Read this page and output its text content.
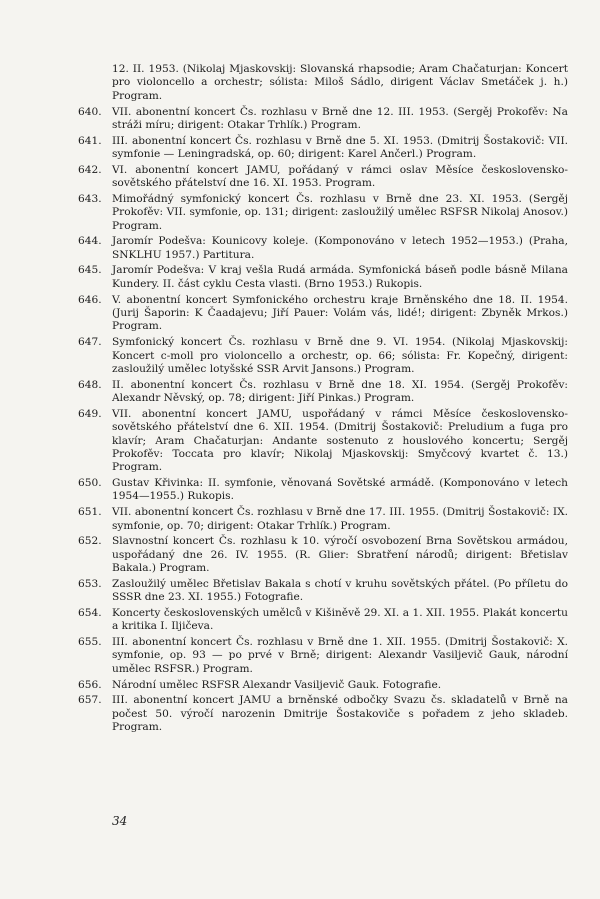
12. II. 1953. (Nikolaj Mjaskovskij: Slovanská rhapsodie; Aram Chačaturjan: Koncert pro violoncello a orchestr; sólista: Miloš Sádlo, dirigent Václav Smetáček j. h.) Program.
640. VII. abonentní koncert Čs. rozhlasu v Brně dne 12. III. 1953. (Sergěj Prokofěv: Na stráži míru; dirigent: Otakar Trhlík.) Program.
641. III. abonentní koncert Čs. rozhlasu v Brně dne 5. XI. 1953. (Dmitrij Šostakovič: VII. symfonie — Leningradská, op. 60; dirigent: Karel Ančerl.) Program.
642. VI. abonentní koncert JAMU, pořádaný v rámci oslav Měsíce československo-sovětského přátelství dne 16. XI. 1953. Program.
643. Mimořádný symfonický koncert Čs. rozhlasu v Brně dne 23. XI. 1953. (Sergěj Prokofěv: VII. symfonie, op. 131; dirigent: zasloužilý umělec RSFSR Nikolaj Anosov.) Program.
644. Jaromír Podešva: Kounicovy koleje. (Komponováno v letech 1952—1953.) (Praha, SNKLHU 1957.) Partitura.
645. Jaromír Podešva: V kraj vešla Rudá armáda. Symfonická báseň podle básně Milana Kundery. II. část cyklu Cesta vlasti. (Brno 1953.) Rukopis.
646. V. abonentní koncert Symfonického orchestru kraje Brněnského dne 18. II. 1954. (Jurij Šaporin: K Čaadajevu; Jiří Pauer: Volám vás, lidé!; dirigent: Zbyněk Mrkos.) Program.
647. Symfonický koncert Čs. rozhlasu v Brně dne 9. VI. 1954. (Nikolaj Mjaskovskij: Koncert c-moll pro violoncello a orchestr, op. 66; sólista: Fr. Kopečný, dirigent: zasloužilý umělec lotyšské SSR Arvit Jansons.) Program.
648. II. abonentní koncert Čs. rozhlasu v Brně dne 18. XI. 1954. (Sergěj Prokofěv: Alexandr Něvský, op. 78; dirigent: Jiří Pinkas.) Program.
649. VII. abonentní koncert JAMU, uspořádaný v rámci Měsíce československo-sovětského přátelství dne 6. XII. 1954. (Dmitrij Šostakovič: Preludium a fuga pro klavír; Aram Chačaturjan: Andante sostenuto z houslového koncertu; Sergěj Prokofěv: Toccata pro klavír; Nikolaj Mjaskovskij: Smyčcový kvartet č. 13.) Program.
650. Gustav Křivinka: II. symfonie, věnovaná Sovětské armádě. (Komponováno v letech 1954—1955.) Rukopis.
651. VII. abonentní koncert Čs. rozhlasu v Brně dne 17. III. 1955. (Dmitrij Šostakovič: IX. symfonie, op. 70; dirigent: Otakar Trhlík.) Program.
652. Slavnostní koncert Čs. rozhlasu k 10. výročí osvobození Brna Sovětskou armádou, uspořádaný dne 26. IV. 1955. (R. Glier: Sbratření národů; dirigent: Břetislav Bakala.) Program.
653. Zasloužilý umělec Břetislav Bakala s chotí v kruhu sovětských přátel. (Po příletu do SSSR dne 23. XI. 1955.) Fotografie.
654. Koncerty československých umělců v Kišiněvě 29. XI. a 1. XII. 1955. Plakát koncertu a kritika I. Iljičeva.
655. III. abonentní koncert Čs. rozhlasu v Brně dne 1. XII. 1955. (Dmitrij Šostakovič: X. symfonie, op. 93 — po prvé v Brně; dirigent: Alexandr Vasiljevič Gauk, národní umělec RSFSR.) Program.
656. Národní umělec RSFSR Alexandr Vasiljevič Gauk. Fotografie.
657. III. abonentní koncert JAMU a brněnské odbočky Svazu čs. skladatelů v Brně na počest 50. výročí narozenin Dmitrije Šostakoviče s pořadem z jeho skladeb. Program.
34
